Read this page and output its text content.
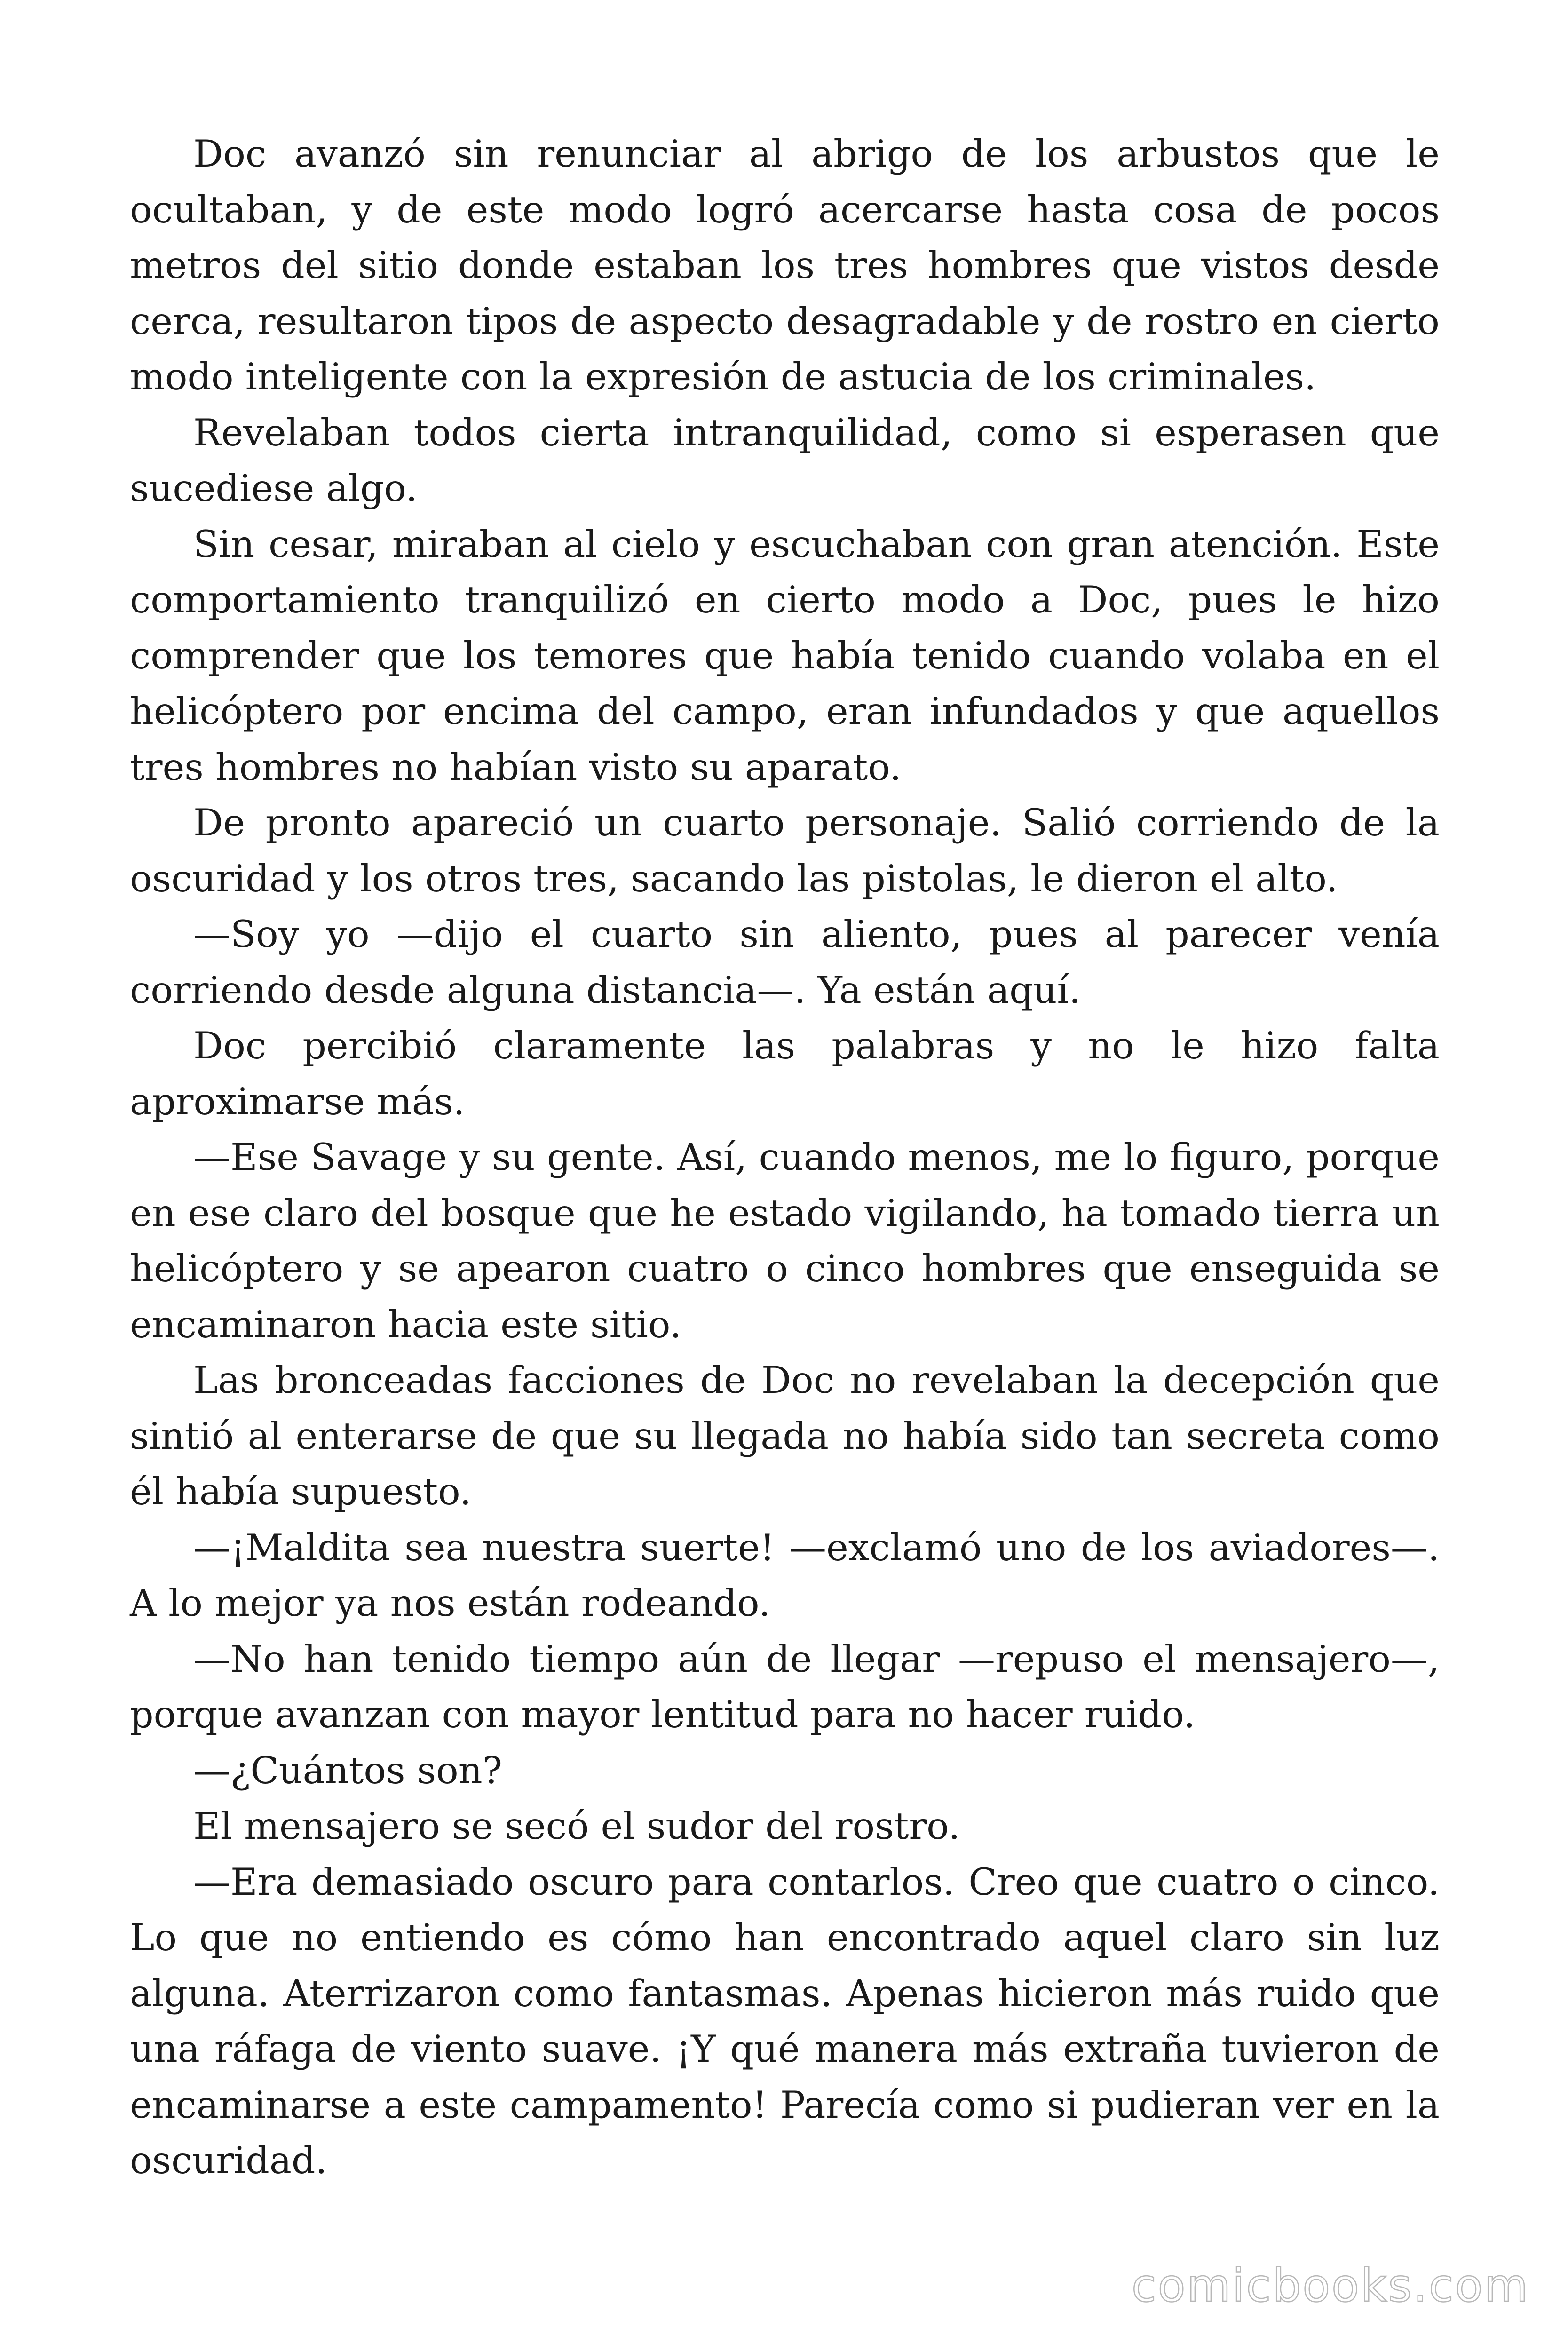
Doc avanzó sin renunciar al abrigo de los arbustos que le ocultaban, y de este modo logró acercarse hasta cosa de pocos metros del sitio donde estaban los tres hombres que vistos desde cerca, resultaron tipos de aspecto desagradable y de rostro en cierto modo inteligente con la expresión de astucia de los criminales.

Revelaban todos cierta intranquilidad, como si esperasen que sucediese algo.

Sin cesar, miraban al cielo y escuchaban con gran atención. Este comportamiento tranquilizó en cierto modo a Doc, pues le hizo comprender que los temores que había tenido cuando volaba en el helicóptero por encima del campo, eran infundados y que aquellos tres hombres no habían visto su aparato.

De pronto apareció un cuarto personaje. Salió corriendo de la oscuridad y los otros tres, sacando las pistolas, le dieron el alto.

—Soy yo —dijo el cuarto sin aliento, pues al parecer venía corriendo desde alguna distancia—. Ya están aquí.

Doc percibió claramente las palabras y no le hizo falta aproximarse más.

—Ese Savage y su gente. Así, cuando menos, me lo figuro, porque en ese claro del bosque que he estado vigilando, ha tomado tierra un helicóptero y se apearon cuatro o cinco hombres que enseguida se encaminaron hacia este sitio.

Las bronceadas facciones de Doc no revelaban la decepción que sintió al enterarse de que su llegada no había sido tan secreta como él había supuesto.

—¡Maldita sea nuestra suerte! —exclamó uno de los aviadores—. A lo mejor ya nos están rodeando.

—No han tenido tiempo aún de llegar —repuso el mensajero—, porque avanzan con mayor lentitud para no hacer ruido.

—¿Cuántos son?

El mensajero se secó el sudor del rostro.

—Era demasiado oscuro para contarlos. Creo que cuatro o cinco. Lo que no entiendo es cómo han encontrado aquel claro sin luz alguna. Aterrizaron como fantasmas. Apenas hicieron más ruido que una ráfaga de viento suave. ¡Y qué manera más extraña tuvieron de encaminarse a este campamento! Parecía como si pudieran ver en la oscuridad.

comicbooks.com
